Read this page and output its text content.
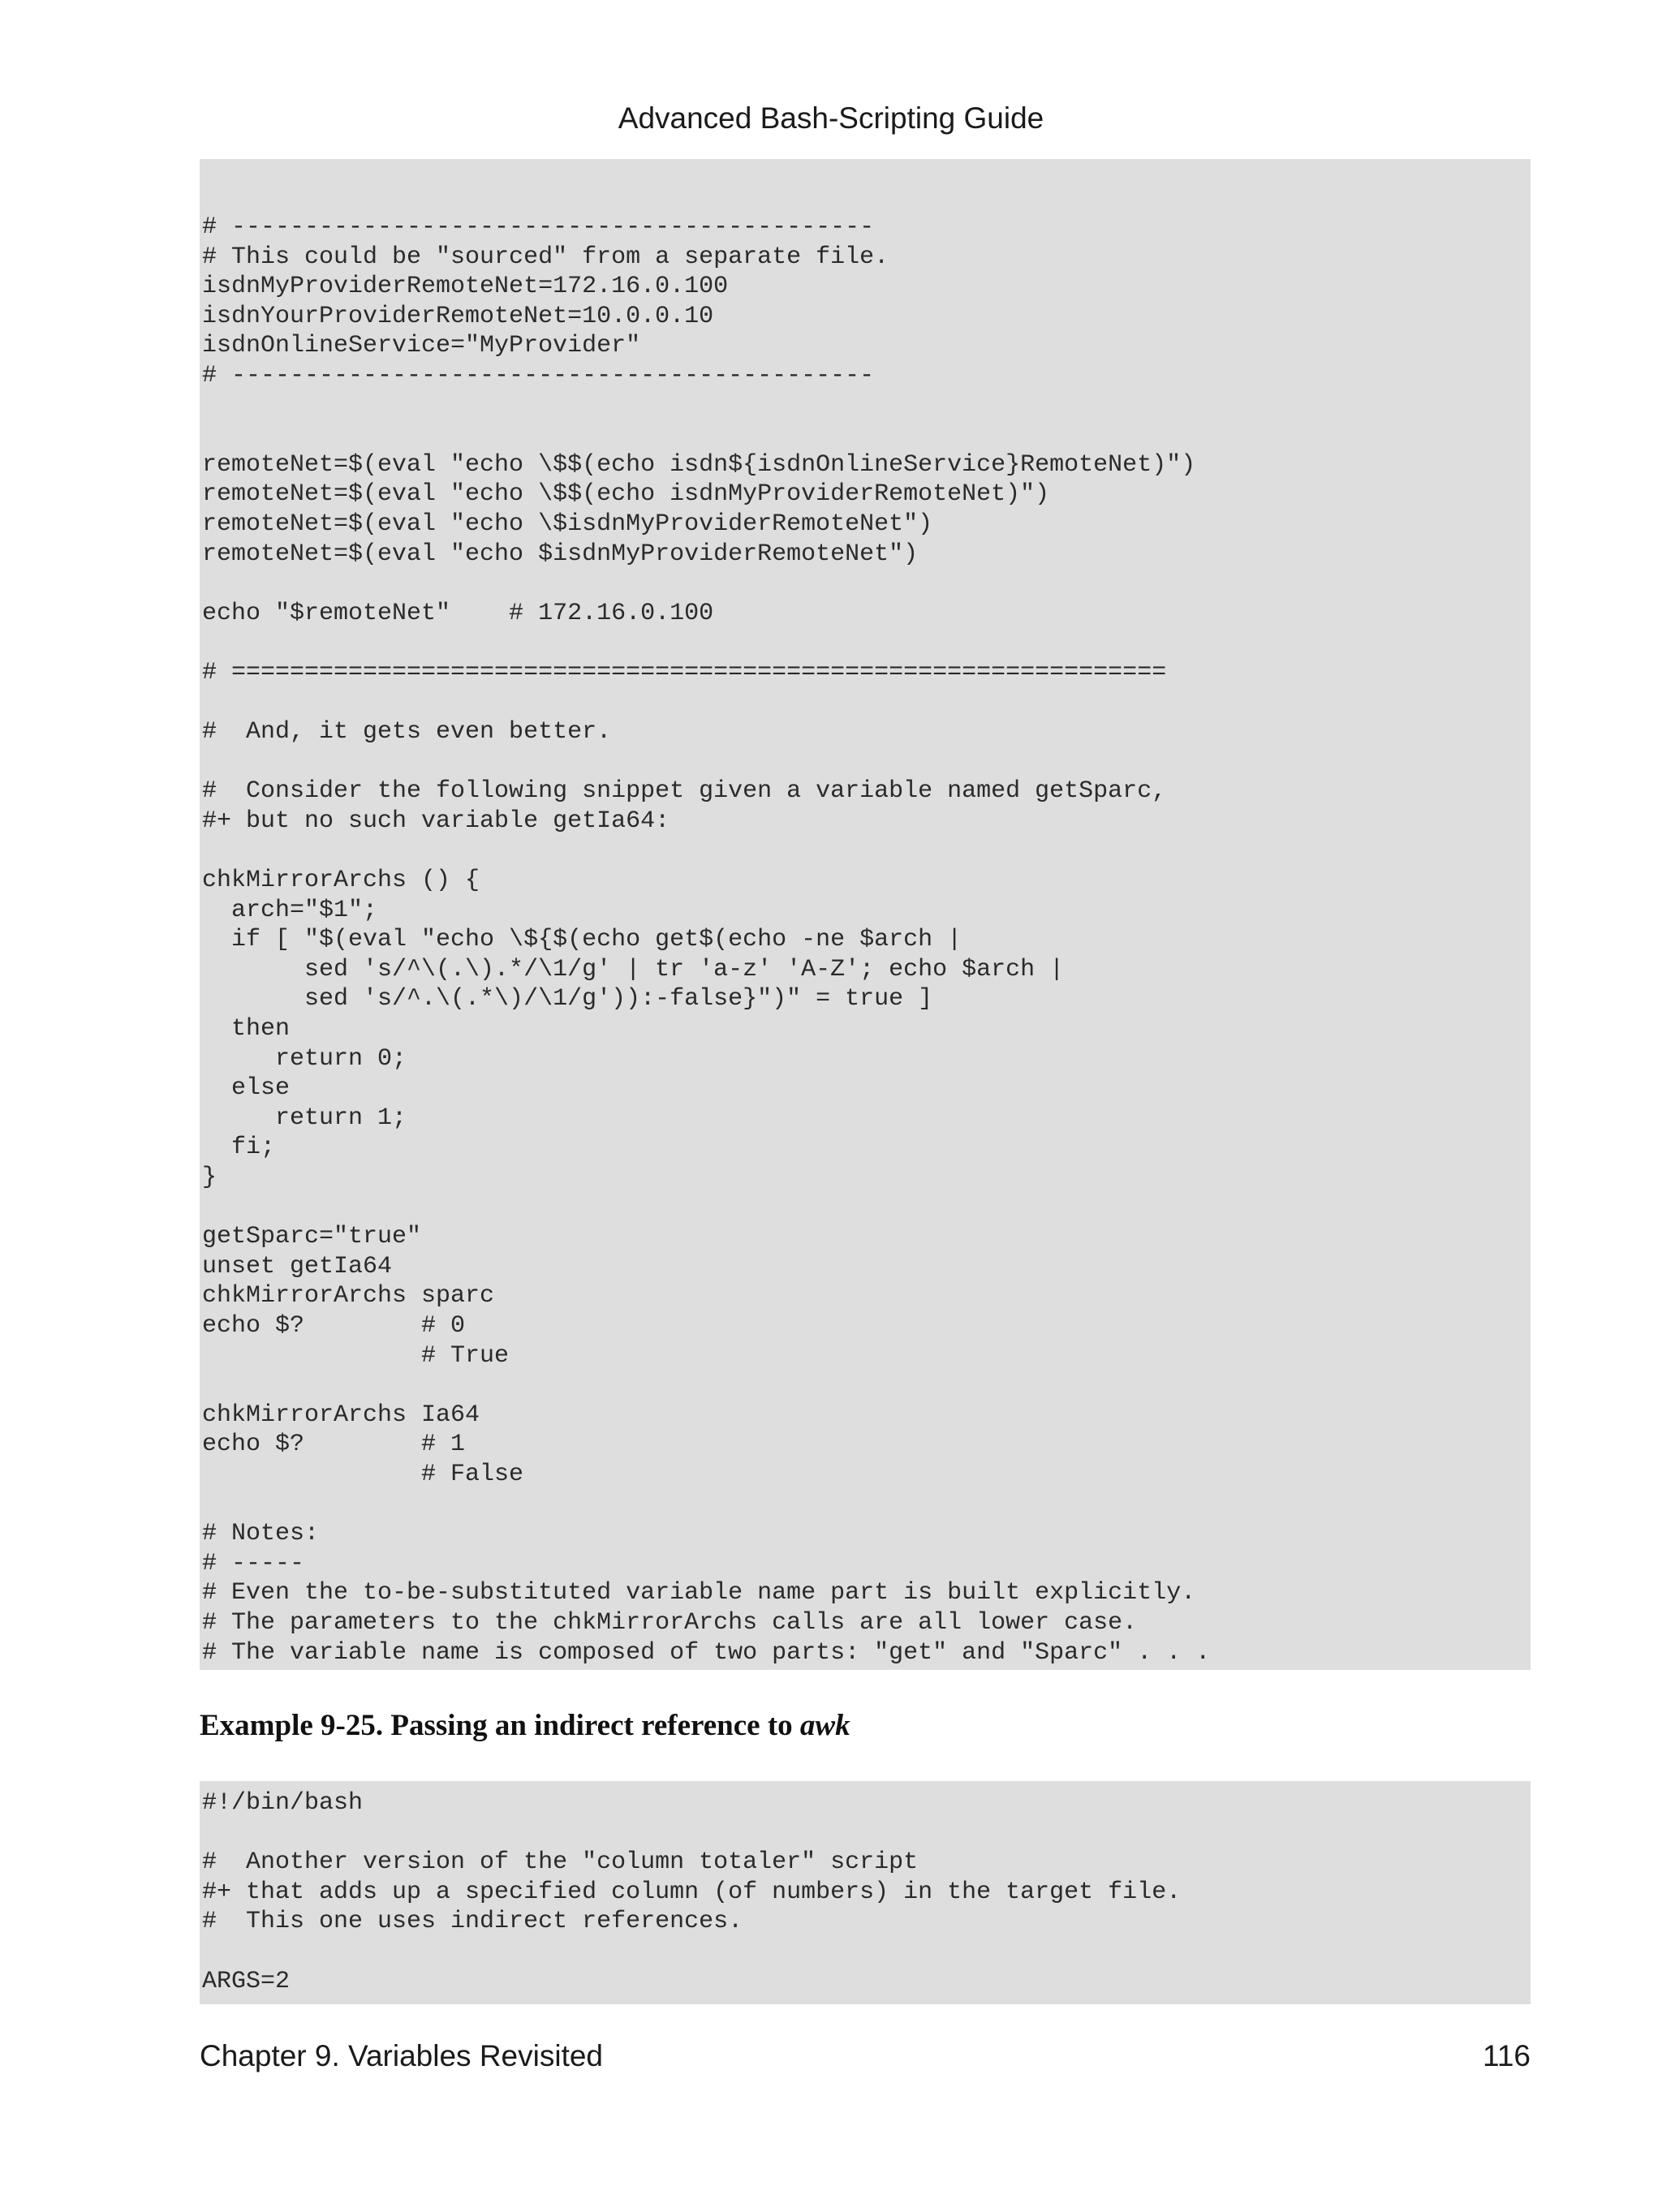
Advanced Bash-Scripting Guide
# --------------------------------------------
# This could be "sourced" from a separate file.
isdnMyProviderRemoteNet=172.16.0.100
isdnYourProviderRemoteNet=10.0.0.10
isdnOnlineService="MyProvider"
# --------------------------------------------
remoteNet=$(eval "echo \$$(echo isdn${isdnOnlineService}RemoteNet)")
remoteNet=$(eval "echo \$$(echo isdnMyProviderRemoteNet)")
remoteNet=$(eval "echo \$isdnMyProviderRemoteNet")
remoteNet=$(eval "echo $isdnMyProviderRemoteNet")
echo "$remoteNet"    # 172.16.0.100
# ================================================================
#  And, it gets even better.
#  Consider the following snippet given a variable named getSparc,
#+ but no such variable getIa64:
chkMirrorArchs () {
arch="$1";
if [ "$(eval "echo \${$(echo get$(echo -ne $arch |
sed 's/^\(.\).*/\1/g' | tr 'a-z' 'A-Z'; echo $arch |
sed 's/^.\(.*\)/\1/g')):-false}")" = true ]
then
return 0;
else
return 1;
fi;
}
getSparc="true"
unset getIa64
chkMirrorArchs sparc
echo $?        # 0
# True
chkMirrorArchs Ia64
echo $?        # 1
# False
# Notes:
# -----
# Even the to-be-substituted variable name part is built explicitly.
# The parameters to the chkMirrorArchs calls are all lower case.
# The variable name is composed of two parts: "get" and "Sparc" . . .
Example 9-25. Passing an indirect reference to awk
#!/bin/bash
#  Another version of the "column totaler" script
#+ that adds up a specified column (of numbers) in the target file.
#  This one uses indirect references.
ARGS=2
Chapter 9. Variables Revisited	116
